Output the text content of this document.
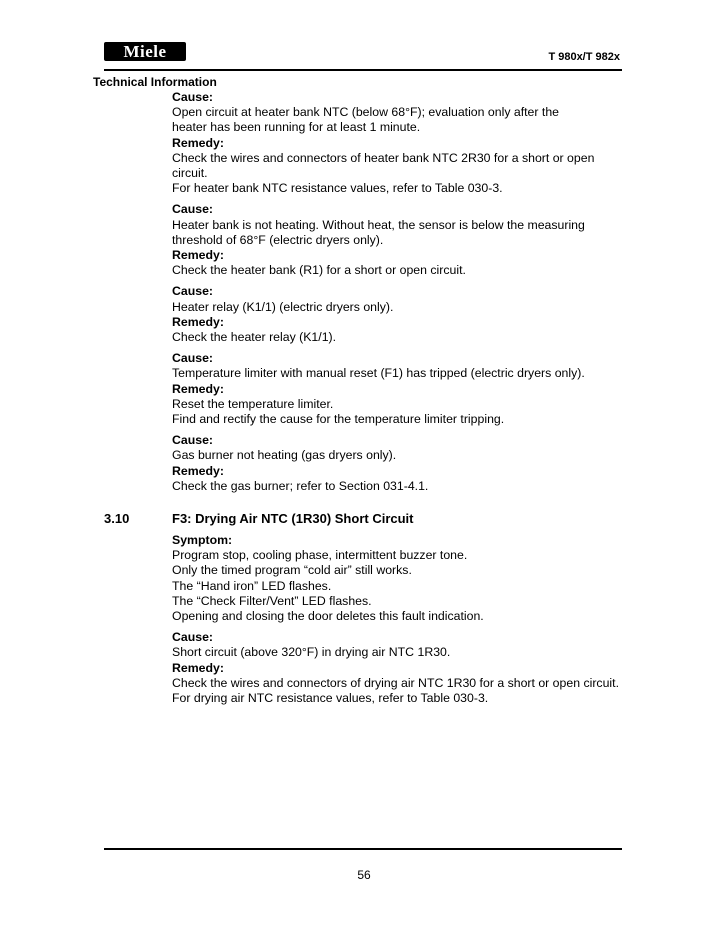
Miele	T 980x/T 982x
Technical Information
Cause:
Open circuit at heater bank NTC (below 68°F); evaluation only after the
heater has been running for at least 1 minute.
Remedy:
Check the wires and connectors of heater bank NTC 2R30 for a short or open
circuit.
For heater bank NTC resistance values, refer to Table 030-3.
Cause:
Heater bank is not heating. Without heat, the sensor is below the measuring
threshold of 68°F (electric dryers only).
Remedy:
Check the heater bank (R1) for a short or open circuit.
Cause:
Heater relay (K1/1) (electric dryers only).
Remedy:
Check the heater relay (K1/1).
Cause:
Temperature limiter with manual reset (F1) has tripped (electric dryers only).
Remedy:
Reset the temperature limiter.
Find and rectify the cause for the temperature limiter tripping.
Cause:
Gas burner not heating (gas dryers only).
Remedy:
Check the gas burner; refer to Section 031-4.1.
3.10	F3: Drying Air NTC (1R30) Short Circuit
Symptom:
Program stop, cooling phase, intermittent buzzer tone.
Only the timed program “cold air” still works.
The “Hand iron” LED flashes.
The “Check Filter/Vent” LED flashes.
Opening and closing the door deletes this fault indication.
Cause:
Short circuit (above 320°F) in drying air NTC 1R30.
Remedy:
Check the wires and connectors of drying air NTC 1R30 for a short or open circuit.
For drying air NTC resistance values, refer to Table 030-3.
56
